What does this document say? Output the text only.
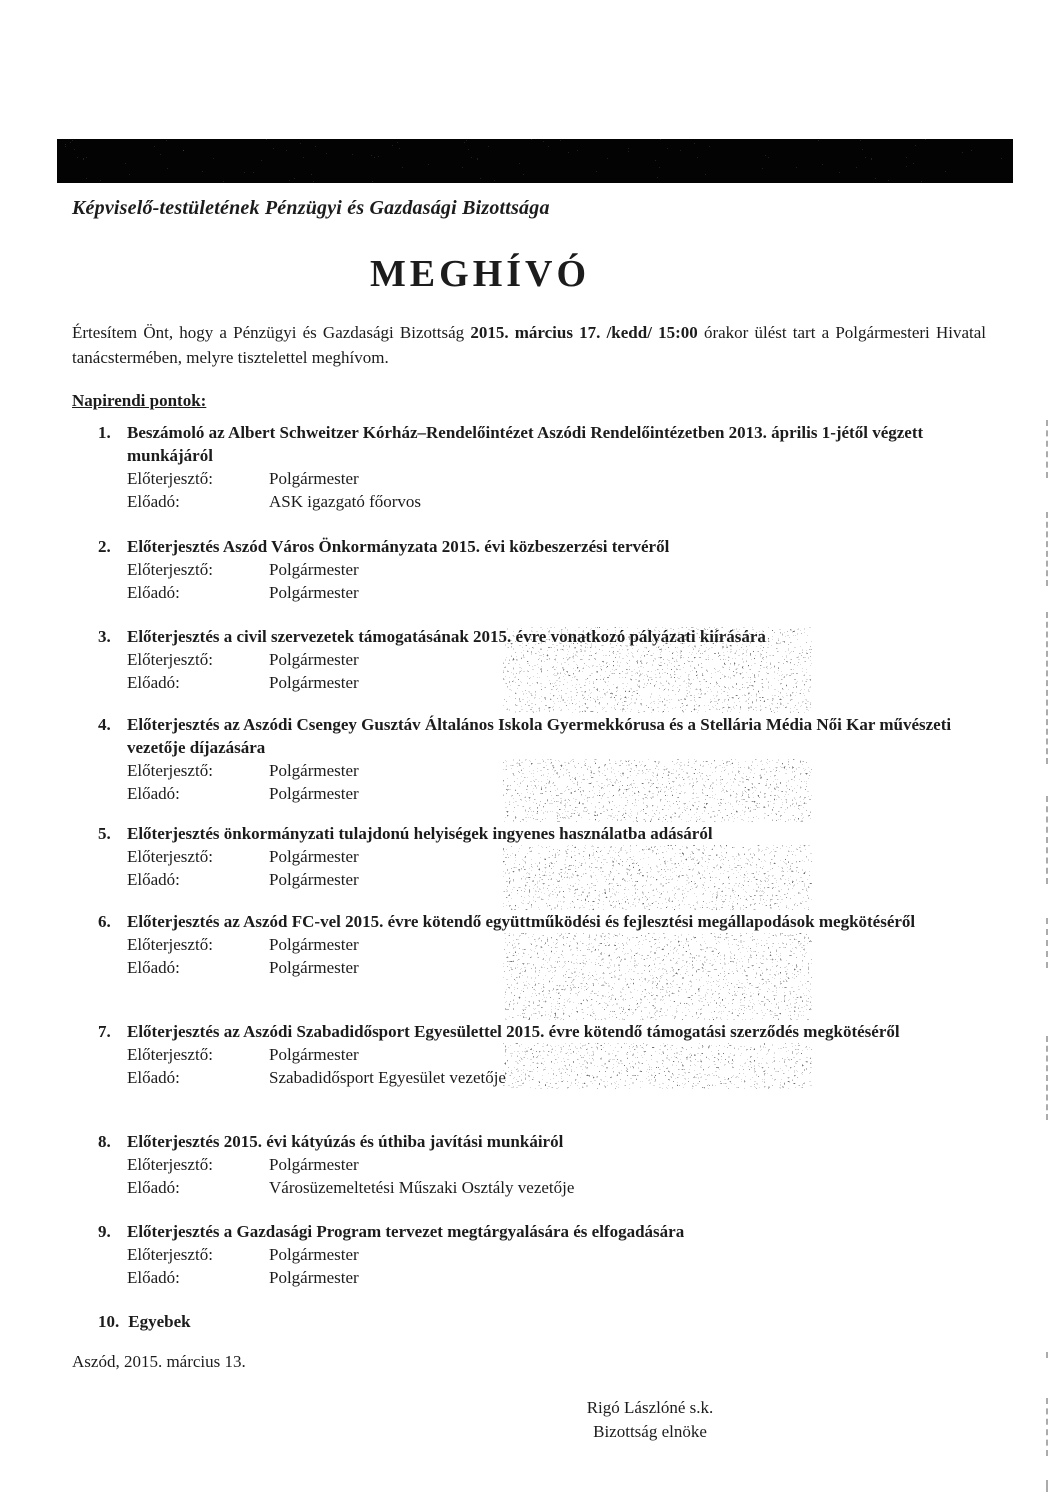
Képviselő-testületének Pénzügyi és Gazdasági Bizottsága
MEGHÍVÓ

Értesítem Önt, hogy a Pénzügyi és Gazdasági Bizottság 2015. március 17. /kedd/ 15:00 órakor ülést tart a Polgármesteri Hivatal tanácstermében, melyre tisztelettel meghívom.

Napirendi pontok:
1. Beszámoló az Albert Schweitzer Kórház–Rendelőintézet Aszódi Rendelőintézetben 2013. április 1-jétől végzett munkájáról
Előterjesztő:	Polgármester
Előadó:	ASK igazgató főorvos
2. Előterjesztés Aszód Város Önkormányzata 2015. évi közbeszerzési tervéről
Előterjesztő:	Polgármester
Előadó:	Polgármester
3. Előterjesztés a civil szervezetek támogatásának 2015. évre vonatkozó pályázati kiírására
Előterjesztő:	Polgármester
Előadó:	Polgármester
4. Előterjesztés az Aszódi Csengey Gusztáv Általános Iskola Gyermekkórusa és a Stellária Média Női Kar művészeti vezetője díjazására
Előterjesztő:	Polgármester
Előadó:	Polgármester
5. Előterjesztés önkormányzati tulajdonú helyiségek ingyenes használatba adásáról
Előterjesztő:	Polgármester
Előadó:	Polgármester
6. Előterjesztés az Aszód FC-vel 2015. évre kötendő együttműködési és fejlesztési megállapodások megkötéséről
Előterjesztő:	Polgármester
Előadó:	Polgármester
7. Előterjesztés az Aszódi Szabadidősport Egyesülettel 2015. évre kötendő támogatási szerződés megkötéséről
Előterjesztő:	Polgármester
Előadó:	Szabadidősport Egyesület vezetője
8. Előterjesztés 2015. évi kátyúzás és úthiba javítási munkáiról
Előterjesztő:	Polgármester
Előadó:	Városüzemeltetési Műszaki Osztály vezetője
9. Előterjesztés a Gazdasági Program tervezet megtárgyalására és elfogadására
Előterjesztő:	Polgármester
Előadó:	Polgármester
10. Egyebek
Aszód, 2015. március 13.
Rigó Lászlóné s.k.
Bizottság elnöke
